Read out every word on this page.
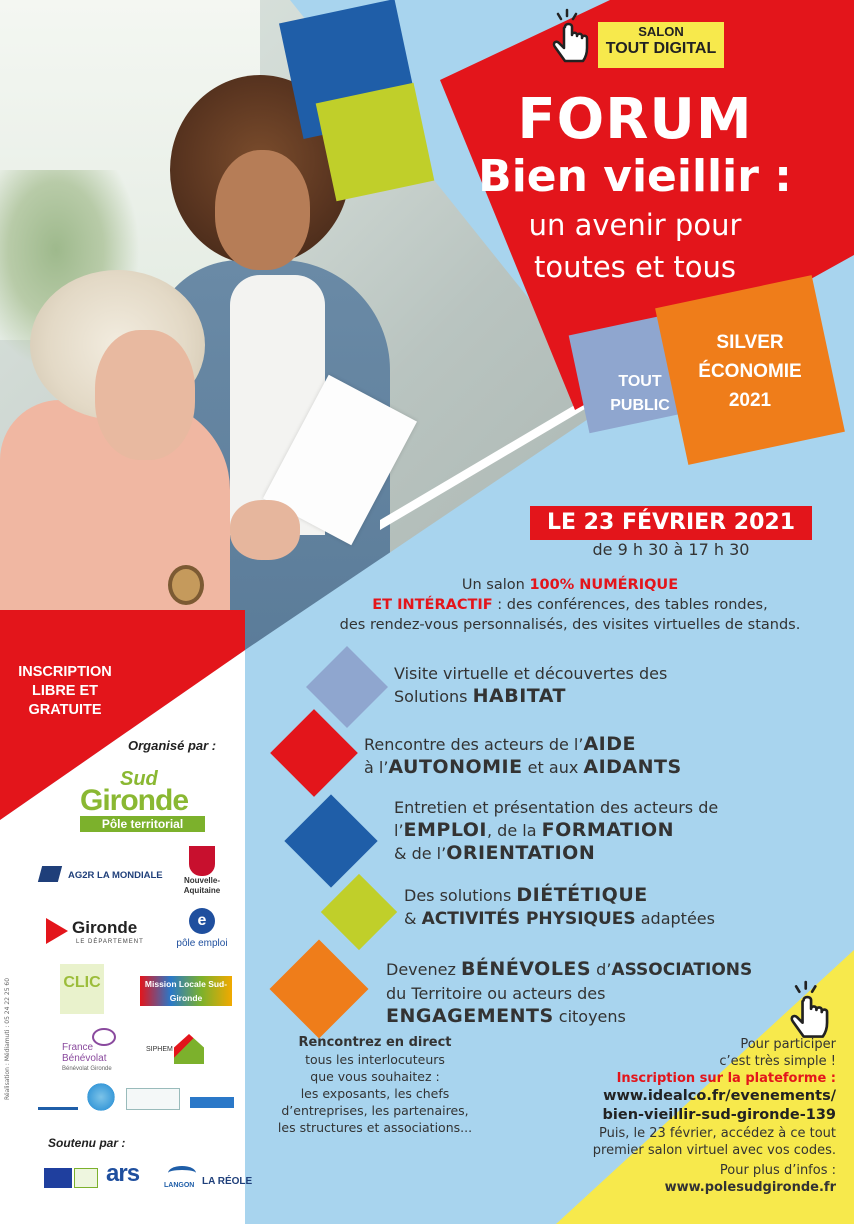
SALON
TOUT DIGITAL
FORUM
Bien vieillir :
un avenir pour
toutes et tous
TOUT
PUBLIC
SILVER
ÉCONOMIE
2021
LE 23 FÉVRIER 2021
de 9 h 30 à 17 h 30
Un salon 100% NUMÉRIQUE
ET INTÉRACTIF : des conférences, des tables rondes,
des rendez-vous personnalisés, des visites virtuelles de stands.
Visite virtuelle et découvertes des
Solutions HABITAT
Rencontre des acteurs de l’AIDE
à l’AUTONOMIE et aux AIDANTS
Entretien et présentation des acteurs de
l’EMPLOI, de la FORMATION
& de l’ORIENTATION
Des solutions DIÉTÉTIQUE
& ACTIVITÉS PHYSIQUES adaptées
Devenez BÉNÉVOLES d’ASSOCIATIONS
du Territoire ou acteurs des
ENGAGEMENTS citoyens
INSCRIPTION
LIBRE ET
GRATUITE
Organisé par :
Sud
Gironde
Pôle territorial
AG2R LA MONDIALE	Nouvelle-Aquitaine
Gironde
LE DÉPARTEMENT
e
pôle emploi
CLIC	Mission Locale Sud-Gironde
France Bénévolat
Bénévolat Gironde
SIPHEM
Soutenu par :
ars	LANGON LA RÉOLE
Réalisation : Médiamuti : 05 24 22 25 60	Rencontrez en direct
tous les interlocuteurs
que vous souhaitez :
les exposants, les chefs
d’entreprises, les partenaires,
les structures et associations...
Pour participer
c’est très simple !
Inscription sur la plateforme :
www.idealco.fr/evenements/
bien-vieillir-sud-gironde-139
Puis, le 23 février, accédez à ce tout
premier salon virtuel avec vos codes.
Pour plus d’infos : www.polesudgironde.fr
